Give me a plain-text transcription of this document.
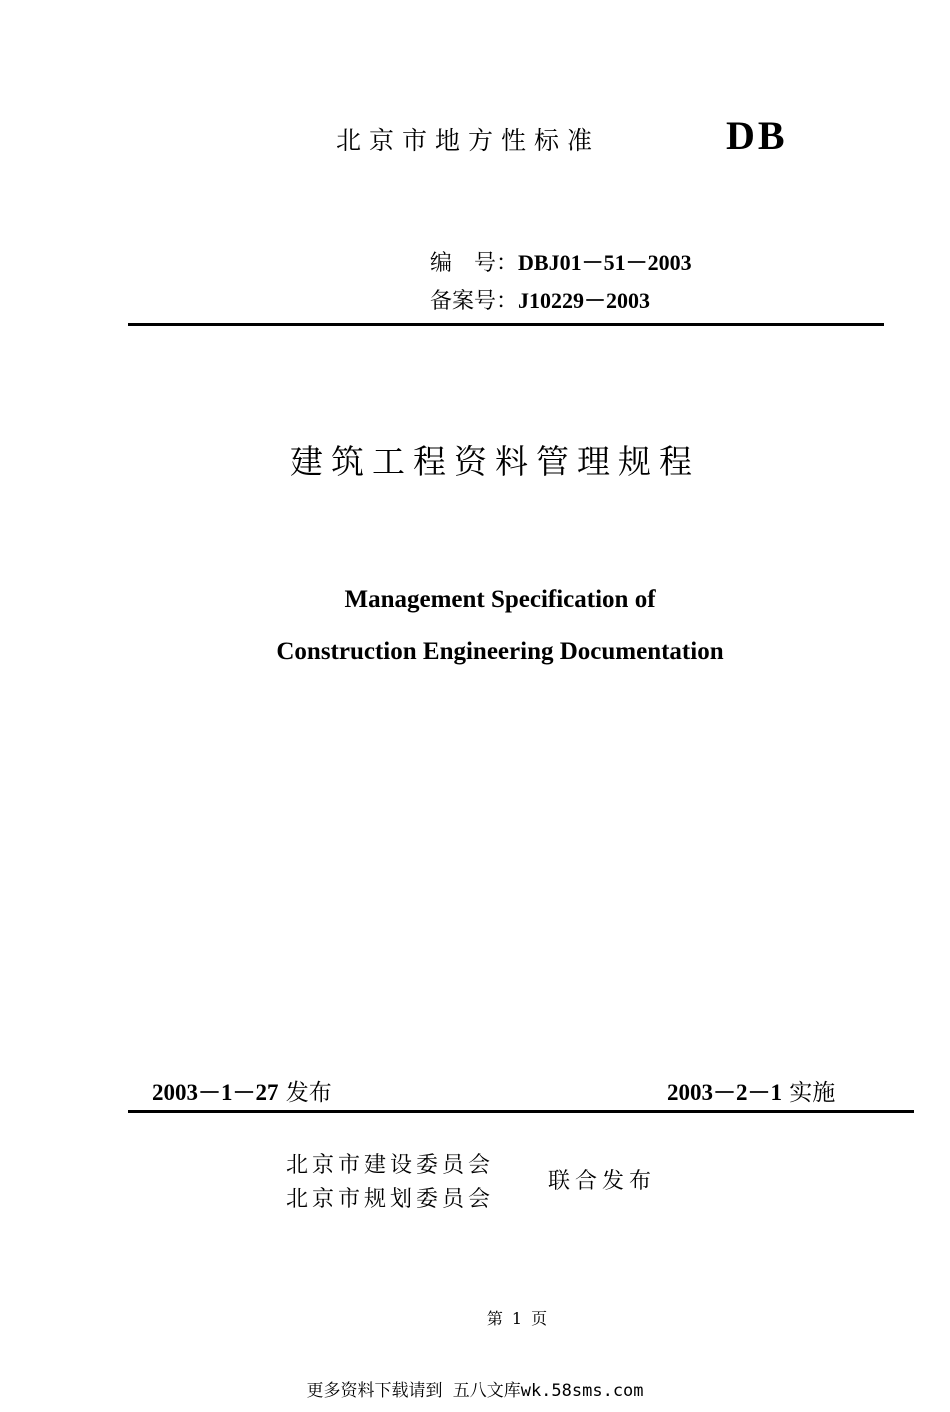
北京市地方性标准	DB
编　号：DBJ01－51－2003
备案号：J10229－2003
建筑工程资料管理规程
Management Specification of
Construction Engineering Documentation
2003－1－27 发布	2003－2－1 实施
北京市建设委员会
北京市规划委员会
联合发布
第 1 页
更多资料下载请到 五八文库wk.58sms.com
